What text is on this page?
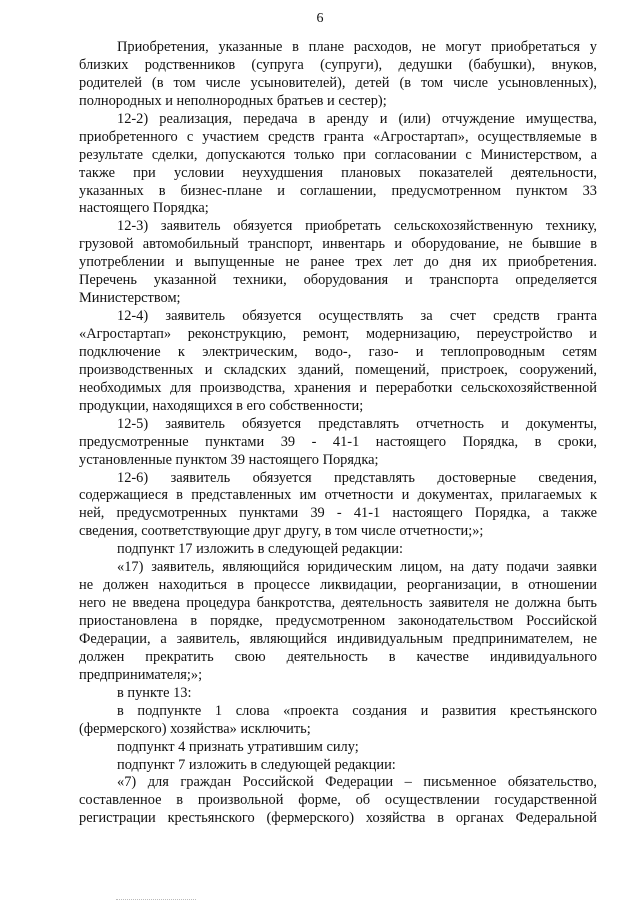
6
Приобретения, указанные в плане расходов, не могут приобретаться у
близких родственников (супруга (супруги), дедушки (бабушки), внуков,
родителей (в том числе усыновителей), детей (в том числе усыновленных),
полнородных и неполнородных братьев и сестер);
12-2) реализация, передача в аренду и (или) отчуждение имущества,
приобретенного с участием средств гранта «Агростартап», осуществляемые в
результате сделки, допускаются только при согласовании с Министерством, а
также при условии неухудшения плановых показателей деятельности,
указанных в бизнес-плане и соглашении, предусмотренном пунктом 33
настоящего Порядка;
12-3) заявитель обязуется приобретать сельскохозяйственную технику,
грузовой автомобильный транспорт, инвентарь и оборудование, не бывшие в
употреблении и выпущенные не ранее трех лет до дня их приобретения.
Перечень указанной техники, оборудования и транспорта определяется
Министерством;
12-4) заявитель обязуется осуществлять за счет средств гранта
«Агростартап» реконструкцию, ремонт, модернизацию, переустройство и
подключение к электрическим, водо-, газо- и теплопроводным сетям
производственных и складских зданий, помещений, пристроек, сооружений,
необходимых для производства, хранения и переработки сельскохозяйственной
продукции, находящихся в его собственности;
12-5) заявитель обязуется представлять отчетность и документы,
предусмотренные пунктами 39 - 41-1 настоящего Порядка, в сроки,
установленные пунктом 39 настоящего Порядка;
12-6) заявитель обязуется представлять достоверные сведения,
содержащиеся в представленных им отчетности и документах, прилагаемых к
ней, предусмотренных пунктами 39 - 41-1 настоящего Порядка, а также
сведения, соответствующие друг другу, в том числе отчетности;»;
подпункт 17 изложить в следующей редакции:
«17) заявитель, являющийся юридическим лицом, на дату подачи заявки
не должен находиться в процессе ликвидации, реорганизации, в отношении
него не введена процедура банкротства, деятельность заявителя не должна быть
приостановлена в порядке, предусмотренном законодательством Российской
Федерации, а заявитель, являющийся индивидуальным предпринимателем, не
должен прекратить свою деятельность в качестве индивидуального
предпринимателя;»;
в пункте 13:
в подпункте 1 слова «проекта создания и развития крестьянского
(фермерского) хозяйства» исключить;
подпункт 4 признать утратившим силу;
подпункт 7 изложить в следующей редакции:
«7) для граждан Российской Федерации – письменное обязательство,
составленное в произвольной форме, об осуществлении государственной
регистрации крестьянского (фермерского) хозяйства в органах Федеральной
